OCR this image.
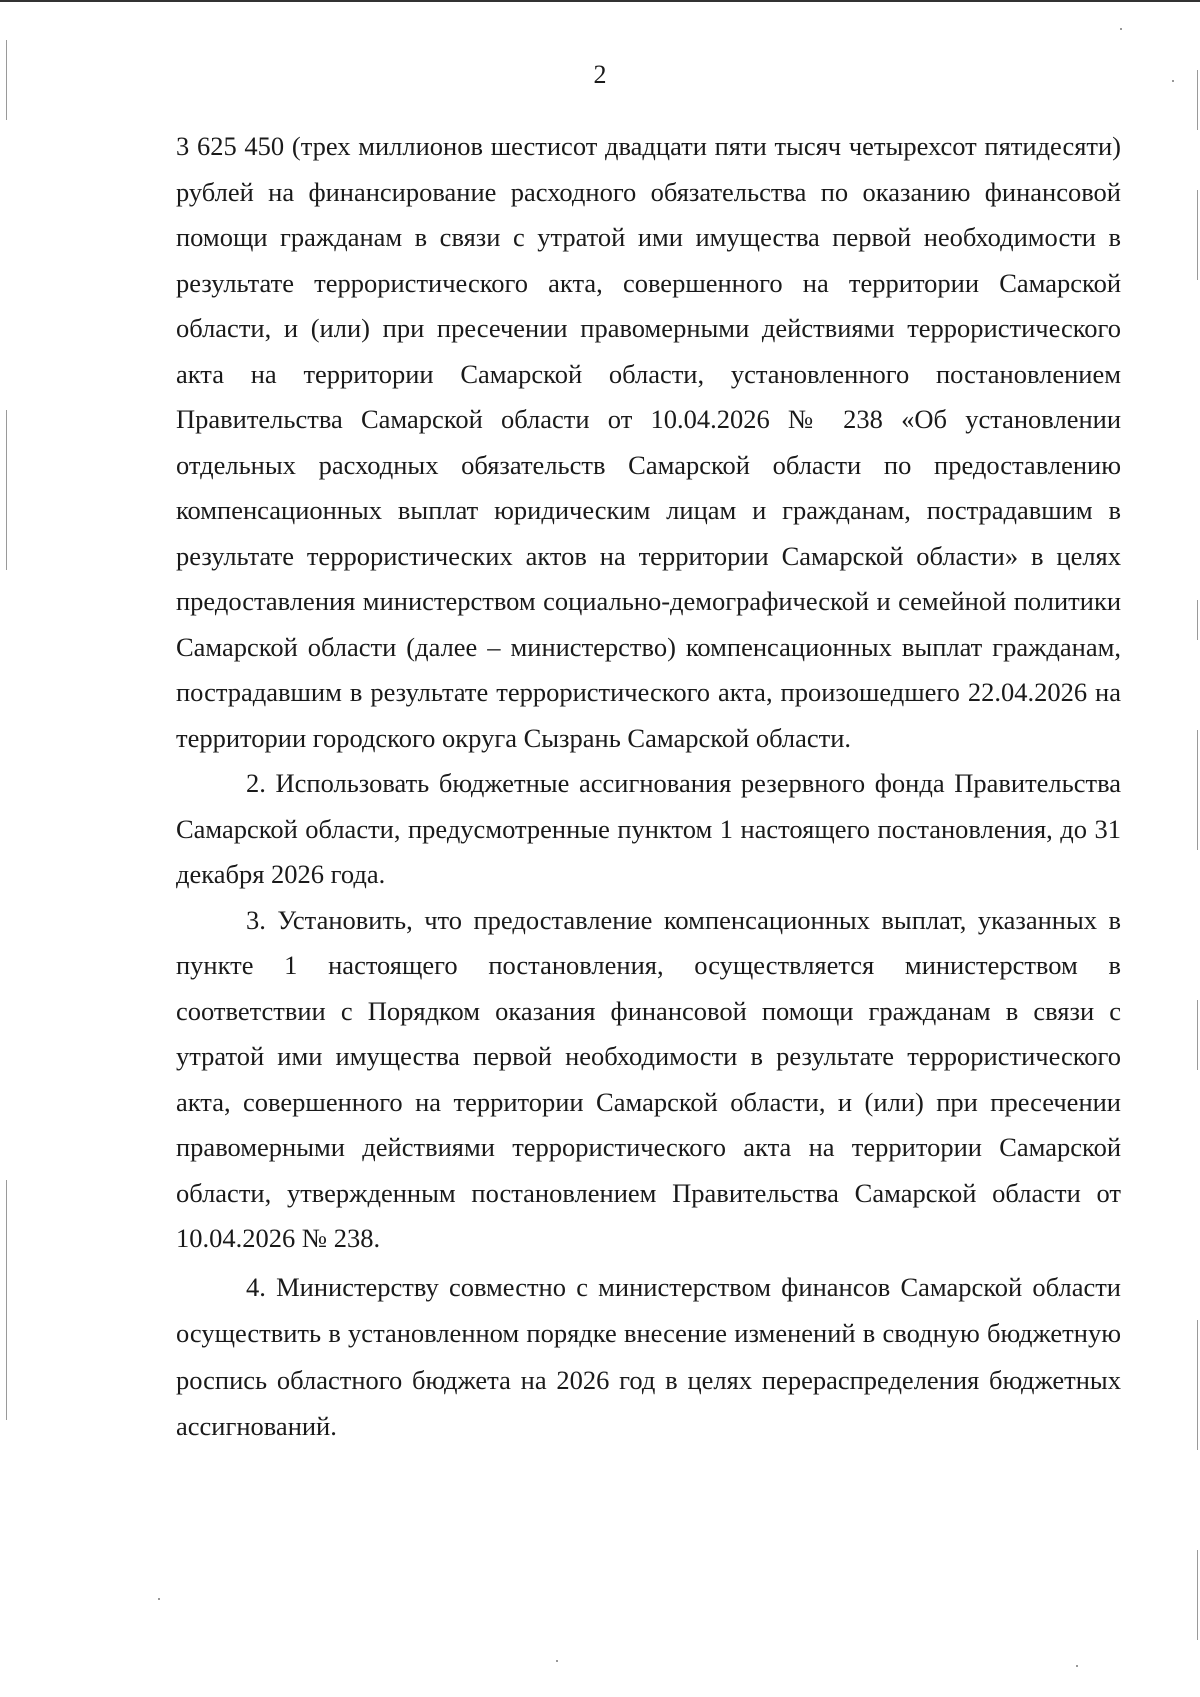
2

3 625 450 (трех миллионов шестисот двадцати пяти тысяч четырехсот пятидесяти) рублей на финансирование расходного обязательства по оказанию финансовой помощи гражданам в связи с утратой ими имущества первой необходимости в результате террористического акта, совершенного на территории Самарской области, и (или) при пресечении правомерными действиями террористического акта на территории Самарской области, установленного постановлением Правительства Самарской области от 10.04.2026 № 238 «Об установлении отдельных расходных обязательств Самарской области по предоставлению компенсационных выплат юридическим лицам и гражданам, пострадавшим в результате террористических актов на территории Самарской области» в целях предоставления министерством социально-демографической и семейной политики Самарской области (далее – министерство) компенсационных выплат гражданам, пострадавшим в результате террористического акта, произошедшего 22.04.2026 на территории городского округа Сызрань Самарской области.

2. Использовать бюджетные ассигнования резервного фонда Правительства Самарской области, предусмотренные пунктом 1 настоящего постановления, до 31 декабря 2026 года.

3. Установить, что предоставление компенсационных выплат, указанных в пункте 1 настоящего постановления, осуществляется министерством в соответствии с Порядком оказания финансовой помощи гражданам в связи с утратой ими имущества первой необходимости в результате террористического акта, совершенного на территории Самарской области, и (или) при пресечении правомерными действиями террористического акта на территории Самарской области, утвержденным постановлением Правительства Самарской области от 10.04.2026 № 238.

4. Министерству совместно с министерством финансов Самарской области осуществить в установленном порядке внесение изменений в сводную бюджетную роспись областного бюджета на 2026 год в целях перераспределения бюджетных ассигнований.
